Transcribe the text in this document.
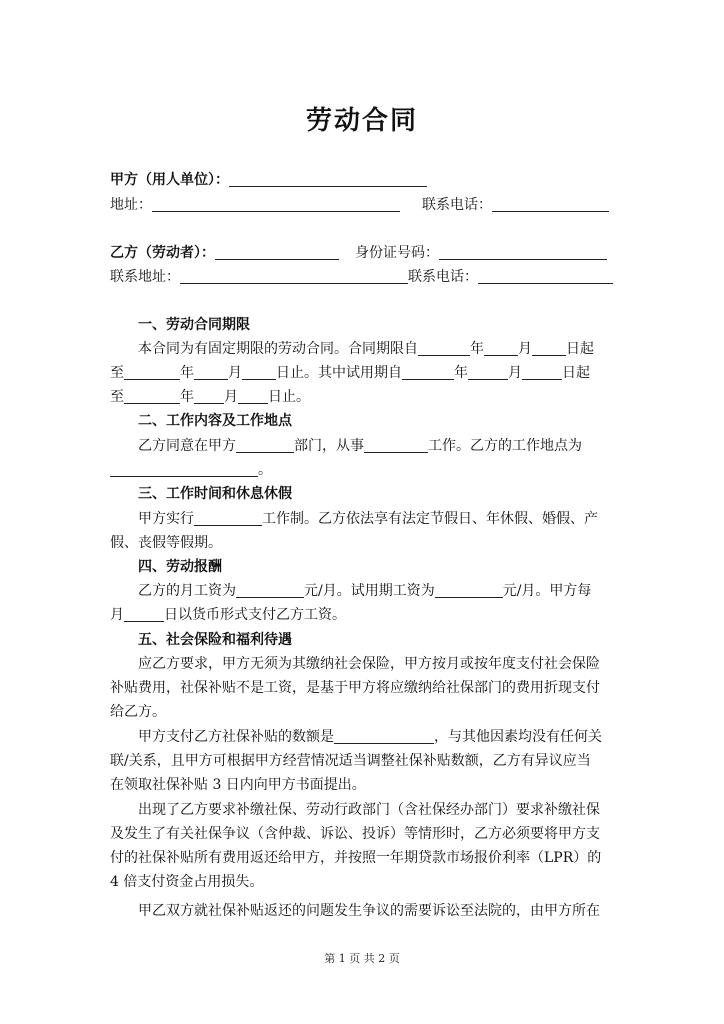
劳动合同
甲方（用人单位）：
地址：	联系电话：
乙方（劳动者）：	身份证号码：
联系地址：	联系电话：
一、劳动合同期限
本合同为有固定期限的劳动合同。合同期限自	年 月 日起
至	年 月 日止。其中试用期自	年	月	日起
至	年 月 日止。
二、工作内容及工作地点
乙方同意在甲方	部门，从事	工作。乙方的工作地点为
。
三、工作时间和休息休假
甲方实行	工作制。乙方依法享有法定节假日、年休假、婚假、产
假、丧假等假期。
四、劳动报酬
乙方的月工资为	元/月。试用期工资为	元/月。甲方每
月	日以货币形式支付乙方工资。
五、社会保险和福利待遇
应乙方要求，甲方无须为其缴纳社会保险，甲方按月或按年度支付社会保险
补贴费用，社保补贴不是工资，是基于甲方将应缴纳给社保部门的费用折现支付
给乙方。
甲方支付乙方社保补贴的数额是	，与其他因素均没有任何关
联/关系，且甲方可根据甲方经营情况适当调整社保补贴数额，乙方有异议应当
在领取社保补贴 3 日内向甲方书面提出。
出现了乙方要求补缴社保、劳动行政部门（含社保经办部门）要求补缴社保
及发生了有关社保争议（含仲裁、诉讼、投诉）等情形时，乙方必须要将甲方支
付的社保补贴所有费用返还给甲方，并按照一年期贷款市场报价利率（LPR）的
4 倍支付资金占用损失。
甲乙双方就社保补贴返还的问题发生争议的需要诉讼至法院的，由甲方所在
第 1 页 共 2 页
